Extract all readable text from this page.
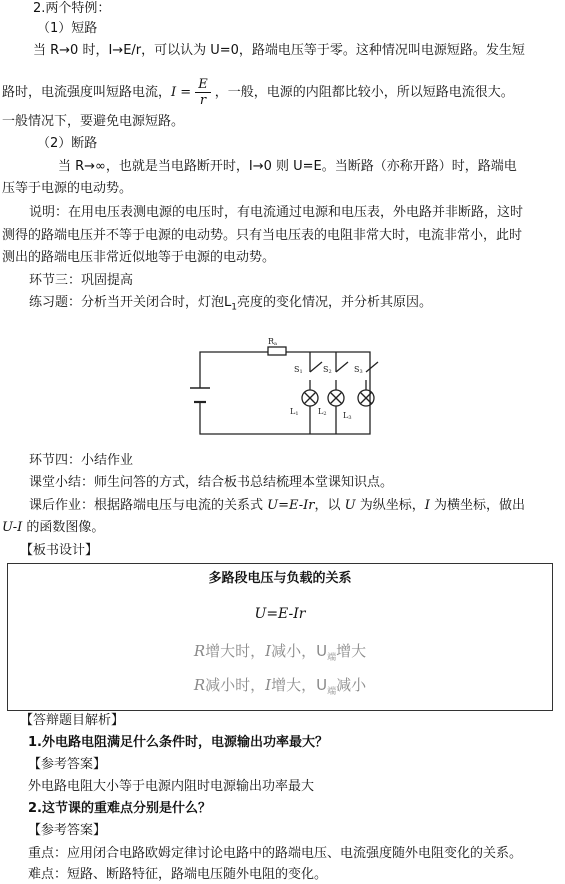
2.两个特例：
（1）短路
当 R→0 时，I→E/r，可以认为 U=0，路端电压等于零。这种情况叫电源短路。发生短
路时，电流强度叫短路电流，$I = \frac{E}{r}$ ，一般，电源的内阻都比较小，所以短路电流很大。
一般情况下，要避免电源短路。
（2）断路
当 R→∞，也就是当电路断开时，I→0 则 U=E。当断路（亦称开路）时，路端电
压等于电源的电动势。
说明：在用电压表测电源的电压时，有电流通过电源和电压表，外电路并非断路，这时
测得的路端电压并不等于电源的电动势。只有当电压表的电阻非常大时，电流非常小，此时
测出的路端电压非常近似地等于电源的电动势。
环节三：巩固提高
练习题：分析当开关闭合时，灯泡$L_1$亮度的变化情况，并分析其原因。
Ra
S1	S2	S3
L1 L2 L3
环节四：小结作业
课堂小结：师生问答的方式，结合板书总结梳理本堂课知识点。
课后作业：根据路端电压与电流的关系式 U=E-Ir，以 U 为纵坐标，I 为横坐标，做出
U-I 的函数图像。
【板书设计】
多路段电压与负载的关系
U=E-Ir
R增大时，I减小，$U_端$增大
R减小时，I增大，$U_端$减小
【答辩题目解析】
1.外电路电阻满足什么条件时，电源输出功率最大？
【参考答案】
外电路电阻大小等于电源内阻时电源输出功率最大
2.这节课的重难点分别是什么？
【参考答案】
重点：应用闭合电路欧姆定律讨论电路中的路端电压、电流强度随外电阻变化的关系。
难点：短路、断路特征，路端电压随外电阻的变化。
